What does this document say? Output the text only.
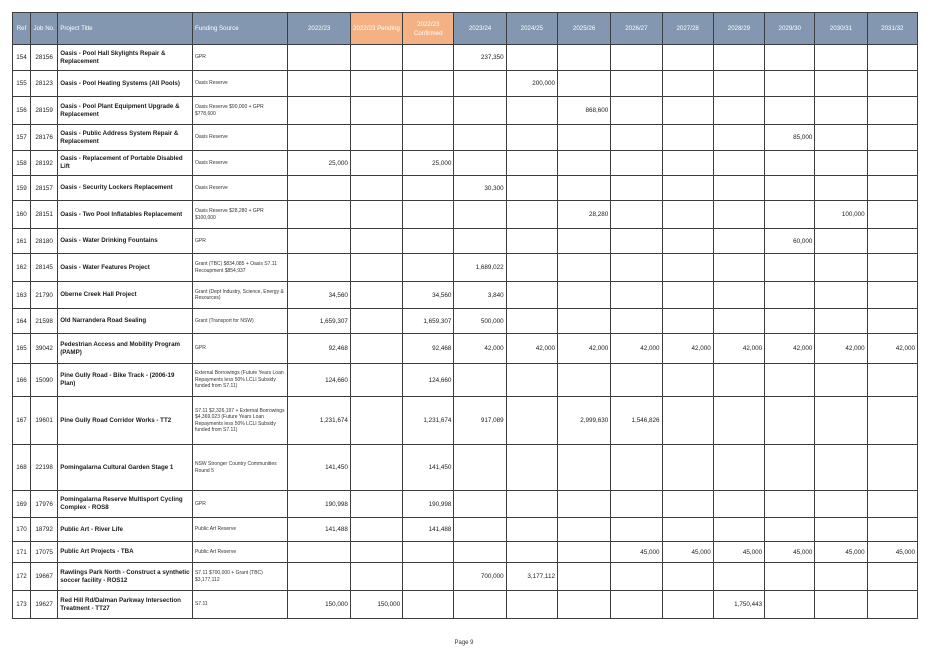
Ref	Job No.	Project Title	Funding Source	2022/23	2022/23 Pending	2022/23 Confirmed	2023/24	2024/25	2025/26	2026/27	2027/28	2028/29	2029/30	2030/31	2031/32
154	28156	Oasis - Pool Hall Skylights Repair & Replacement	GPR				237,350								
155	28123	Oasis - Pool Heating Systems (All Pools)	Oasis Reserve					200,000							
156	28159	Oasis - Pool Plant Equipment Upgrade & Replacement	Oasis Reserve $90,000 + GPR $778,600						868,600						
157	28176	Oasis - Public Address System Repair & Replacement	Oasis Reserve										85,000		
158	28192	Oasis - Replacement of Portable Disabled Lift	Oasis Reserve	25,000		25,000									
159	28157	Oasis - Security Lockers Replacement	Oasis Reserve				30,300								
160	28151	Oasis - Two Pool Inflatables Replacement	Oasis Reserve $28,280 + GPR $100,000						28,280					100,000	
161	28180	Oasis - Water Drinking Fountains	GPR										60,000		
162	28145	Oasis - Water Features Project	Grant (TBC) $834,085 + Oasis S7.11 Recoupment $854,937				1,689,022								
163	21790	Oberne Creek Hall Project	Grant (Dept Industry, Science, Energy & Resources)	34,560		34,560	3,840								
164	21598	Old Narrandera Road Sealing	Grant (Transport for NSW)	1,659,307		1,659,307	500,000								
165	39042	Pedestrian Access and Mobility Program (PAMP)	GPR	92,468		92,468	42,000	42,000	42,000	42,000	42,000	42,000	42,000	42,000	42,000
166	15090	Pine Gully Road - Bike Track - (2006-19 Plan)	External Borrowings (Future Years Loan Repayments less 50% LCLI Subsidy funded from S7.11)	124,660		124,660									
167	19601	Pine Gully Road Corridor Works - TT2	S7.11 $2,326,197 + External Borrowings $4,369,023 (Future Years Loan Repayments less 50% LCLI Subsidy funded from S7.11)	1,231,674		1,231,674	917,089		2,999,630	1,546,826					
168	22198	Pomingalarna Cultural Garden Stage 1	NSW Stronger Country Communities Round 5	141,450		141,450									
169	17976	Pomingalarna Reserve Multisport Cycling Complex - ROS8	GPR	190,998		190,998									
170	18792	Public Art - River Life	Public Art Reserve	141,488		141,488									
171	17075	Public Art Projects - TBA	Public Art Reserve							45,000	45,000	45,000	45,000	45,000	45,000
172	19667	Rawlings Park North - Construct a synthetic soccer facility - ROS12	S7.11 $700,000 + Grant (TBC) $3,177,112				700,000	3,177,112							
173	19627	Red Hill Rd/Dalman Parkway Intersection Treatment - TT27	S7.11	150,000	150,000							1,750,443			
Page 9
